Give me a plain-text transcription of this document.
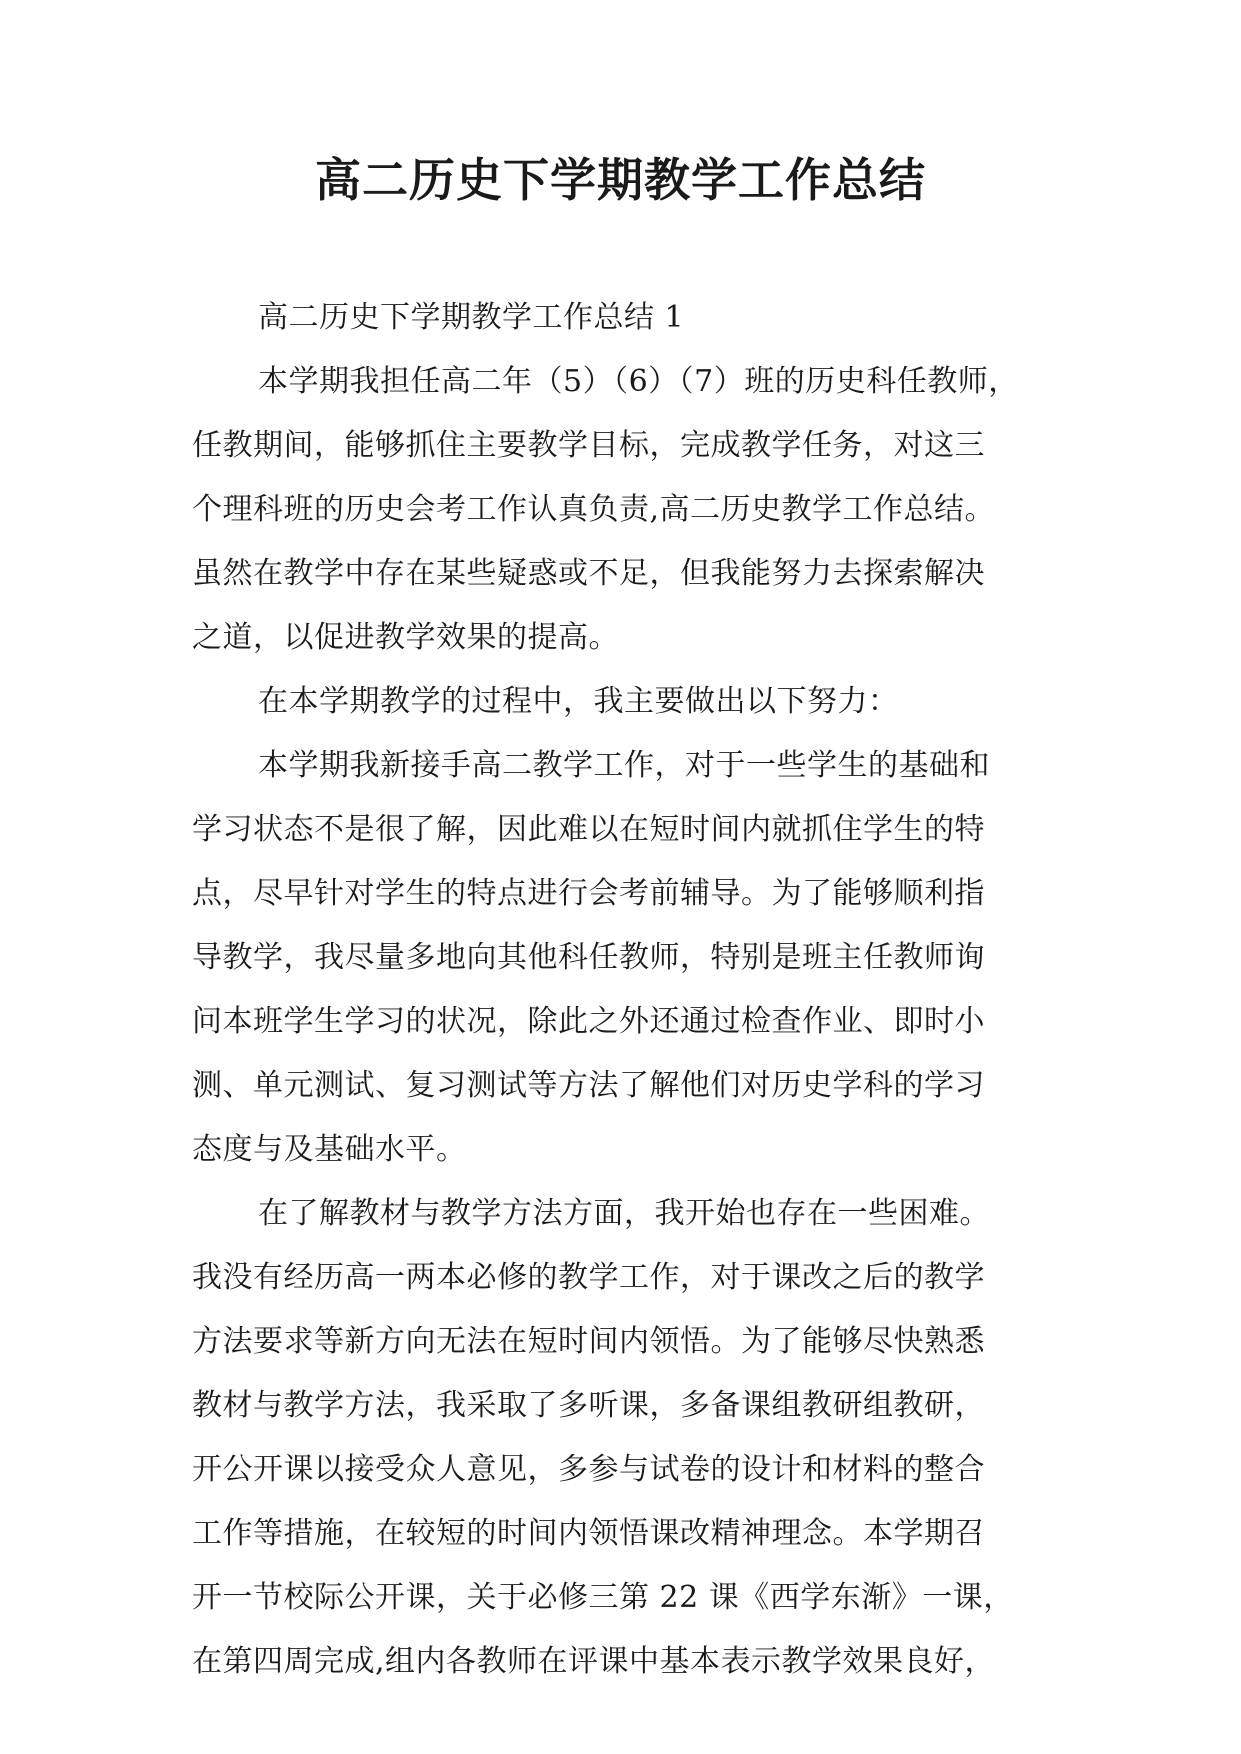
高二历史下学期教学工作总结
高二历史下学期教学工作总结 1
本学期我担任高二年（5）（6）（7）班的历史科任教师，
任教期间，能够抓住主要教学目标，完成教学任务，对这三
个理科班的历史会考工作认真负责,高二历史教学工作总结。
虽然在教学中存在某些疑惑或不足，但我能努力去探索解决
之道，以促进教学效果的提高。
在本学期教学的过程中，我主要做出以下努力：
本学期我新接手高二教学工作，对于一些学生的基础和
学习状态不是很了解，因此难以在短时间内就抓住学生的特
点，尽早针对学生的特点进行会考前辅导。为了能够顺利指
导教学，我尽量多地向其他科任教师，特别是班主任教师询
问本班学生学习的状况，除此之外还通过检查作业、即时小
测、单元测试、复习测试等方法了解他们对历史学科的学习
态度与及基础水平。
在了解教材与教学方法方面，我开始也存在一些困难。
我没有经历高一两本必修的教学工作，对于课改之后的教学
方法要求等新方向无法在短时间内领悟。为了能够尽快熟悉
教材与教学方法，我采取了多听课，多备课组教研组教研，
开公开课以接受众人意见，多参与试卷的设计和材料的整合
工作等措施，在较短的时间内领悟课改精神理念。本学期召
开一节校际公开课，关于必修三第 22 课《西学东渐》一课，
在第四周完成,组内各教师在评课中基本表示教学效果良好，
